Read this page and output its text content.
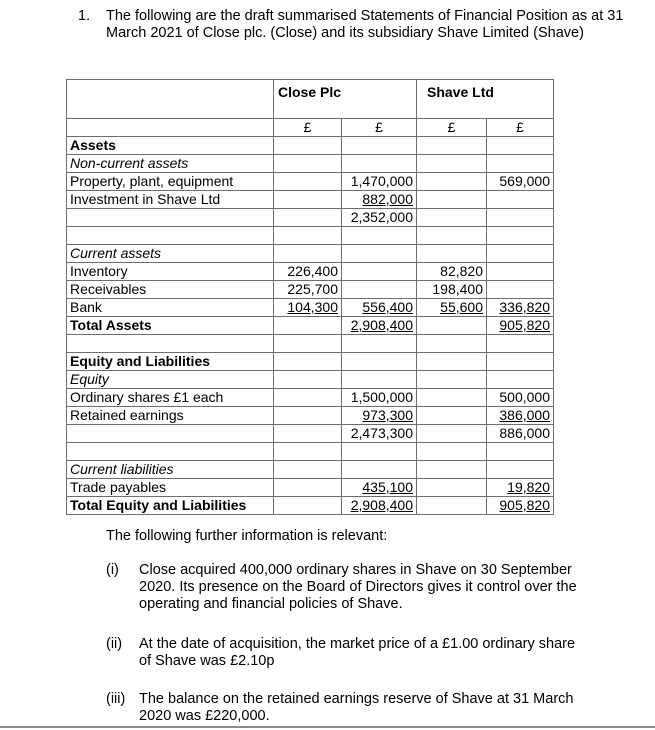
1. The following are the draft summarised Statements of Financial Position as at 31 March 2021 of Close plc. (Close) and its subsidiary Shave Limited (Shave)
	Close Plc		Shave Ltd	
	£	£	£	£
Assets				
Non-current assets				
Property, plant, equipment		1,470,000		569,000
Investment in Shave Ltd		882,000		
		2,352,000		

Current assets				
Inventory	226,400		82,820	
Receivables	225,700		198,400	
Bank	104,300	556,400	55,600	336,820
Total Assets		2,908,400		905,820

Equity and Liabilities				
Equity				
Ordinary shares £1 each		1,500,000		500,000
Retained earnings		973,300		386,000
		2,473,300		886,000

Current liabilities				
Trade payables		435,100		19,820
Total Equity and Liabilities		2,908,400		905,820
The following further information is relevant:
(i) Close acquired 400,000 ordinary shares in Shave on 30 September 2020. Its presence on the Board of Directors gives it control over the operating and financial policies of Shave.
(ii) At the date of acquisition, the market price of a £1.00 ordinary share of Shave was £2.10p
(iii) The balance on the retained earnings reserve of Shave at 31 March 2020 was £220,000.
